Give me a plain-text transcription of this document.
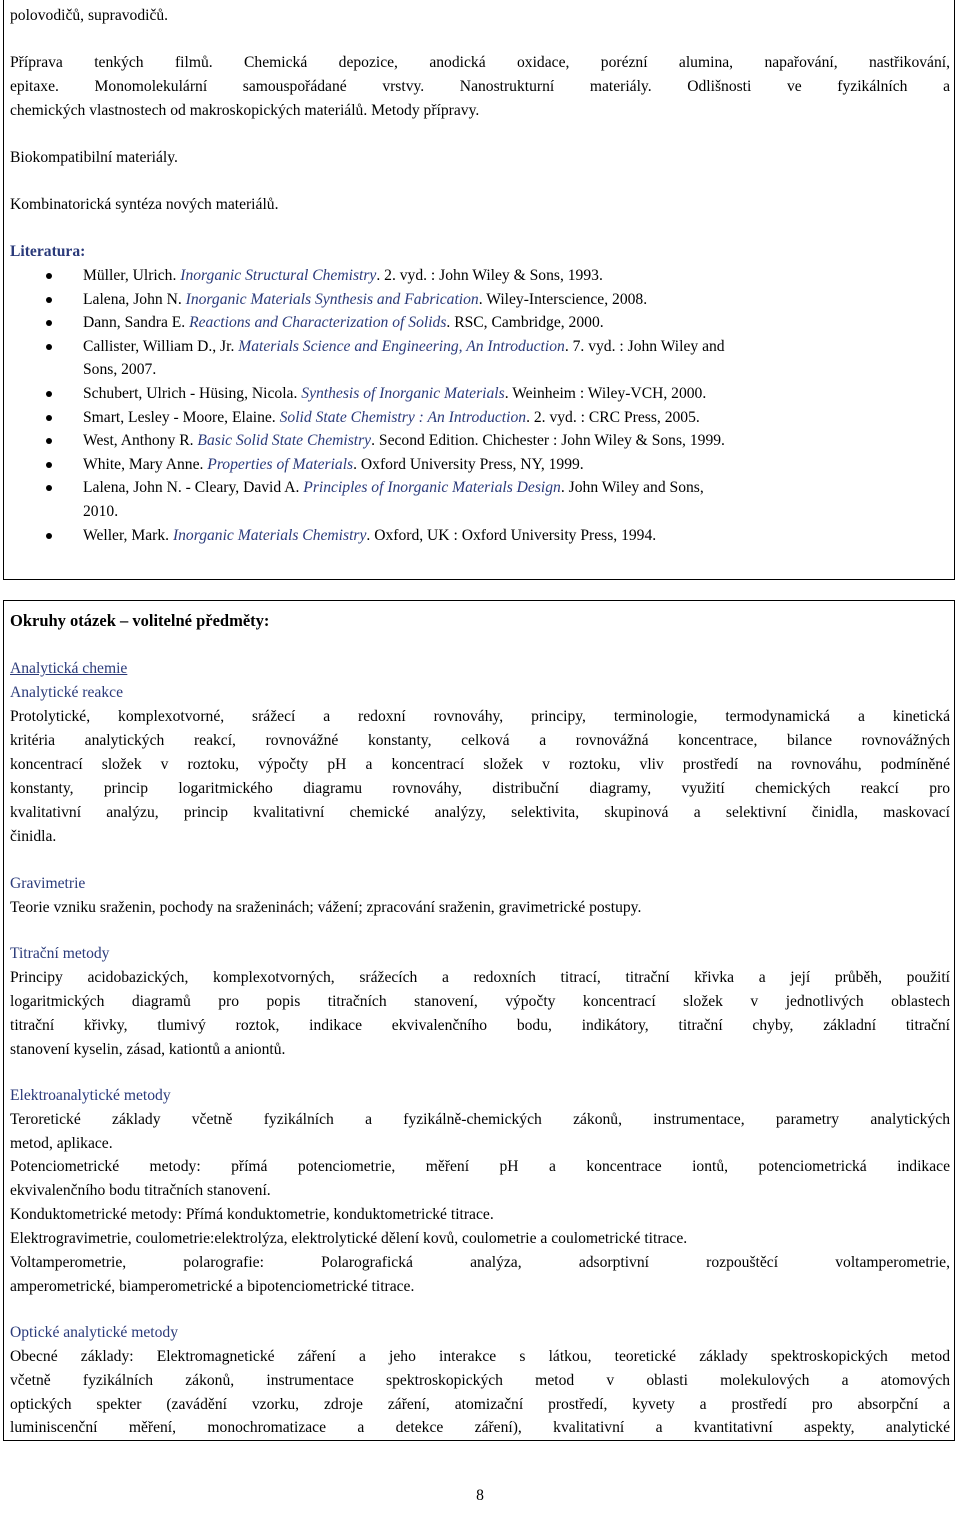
polovodičů, supravodičů.

Příprava tenkých filmů. Chemická depozice, anodická oxidace, porézní alumina, napařování, nastřikování,

epitaxe. Monomolekulární samouspořádané vrstvy. Nanostrukturní materiály. Odlišnosti ve fyzikálních a

chemických vlastnostech od makroskopických materiálů. Metody přípravy.

Biokompatibilní materiály.

Kombinatorická syntéza nových materiálů.

Literatura:

Müller, Ulrich. Inorganic Structural Chemistry. 2. vyd. : John Wiley & Sons, 1993.
Lalena, John N. Inorganic Materials Synthesis and Fabrication. Wiley-Interscience, 2008.
Dann, Sandra E. Reactions and Characterization of Solids. RSC, Cambridge, 2000.
Callister, William D., Jr. Materials Science and Engineering, An Introduction. 7. vyd. : John Wiley and
Sons, 2007.
Schubert, Ulrich - Hüsing, Nicola. Synthesis of Inorganic Materials. Weinheim : Wiley-VCH, 2000.
Smart, Lesley - Moore, Elaine. Solid State Chemistry : An Introduction. 2. vyd. : CRC Press, 2005.
West, Anthony R. Basic Solid State Chemistry. Second Edition. Chichester : John Wiley & Sons, 1999.
White, Mary Anne. Properties of Materials. Oxford University Press, NY, 1999.
Lalena, John N. - Cleary, David A. Principles of Inorganic Materials Design. John Wiley and Sons,
2010.
Weller, Mark. Inorganic Materials Chemistry. Oxford, UK : Oxford University Press, 1994.

Okruhy otázek – volitelné předměty:

Analytická chemie

Analytické reakce

Protolytické, komplexotvorné, srážecí a redoxní rovnováhy, principy, terminologie, termodynamická a kinetická

kritéria analytických reakcí, rovnovážné konstanty, celková a rovnovážná koncentrace, bilance rovnovážných

koncentrací složek v roztoku, výpočty pH a koncentrací složek v roztoku, vliv prostředí na rovnováhu, podmíněné

konstanty, princip logaritmického diagramu rovnováhy, distribuční diagramy, využití chemických reakcí pro

kvalitativní analýzu, princip kvalitativní chemické analýzy, selektivita, skupinová a selektivní činidla, maskovací

činidla.

Gravimetrie

Teorie vzniku sraženin, pochody na sraženinách; vážení; zpracování sraženin, gravimetrické postupy.

Titrační metody

Principy acidobazických, komplexotvorných, srážecích a redoxních titrací, titrační křivka a její průběh, použití

logaritmických diagramů pro popis titračních stanovení, výpočty koncentrací složek v jednotlivých oblastech

titrační křivky, tlumivý roztok, indikace ekvivalenčního bodu, indikátory, titrační chyby, základní titrační

stanovení kyselin, zásad, kationtů a aniontů.

Elektroanalytické metody

Teroretické základy včetně fyzikálních a fyzikálně-chemických zákonů, instrumentace, parametry analytických

metod, aplikace.

Potenciometrické metody: přímá potenciometrie, měření pH a koncentrace iontů, potenciometrická indikace

ekvivalenčního bodu titračních stanovení.

Konduktometrické metody: Přímá konduktometrie, konduktometrické titrace.

Elektrogravimetrie, coulometrie:elektrolýza, elektrolytické dělení kovů, coulometrie a coulometrické titrace.

Voltamperometrie, polarografie: Polarografická analýza, adsorptivní rozpouštěcí voltamperometrie,

amperometrické, biamperometrické a bipotenciometrické titrace.

Optické analytické metody

Obecné základy: Elektromagnetické záření a jeho interakce s látkou, teoretické základy spektroskopických metod

včetně fyzikálních zákonů, instrumentace spektroskopických metod v oblasti molekulových a atomových

optických spekter (zavádění vzorku, zdroje záření, atomizační prostředí, kyvety a prostředí pro absorpční a

luminiscenční měření, monochromatizace a detekce záření), kvalitativní a kvantitativní aspekty, analytické

8
